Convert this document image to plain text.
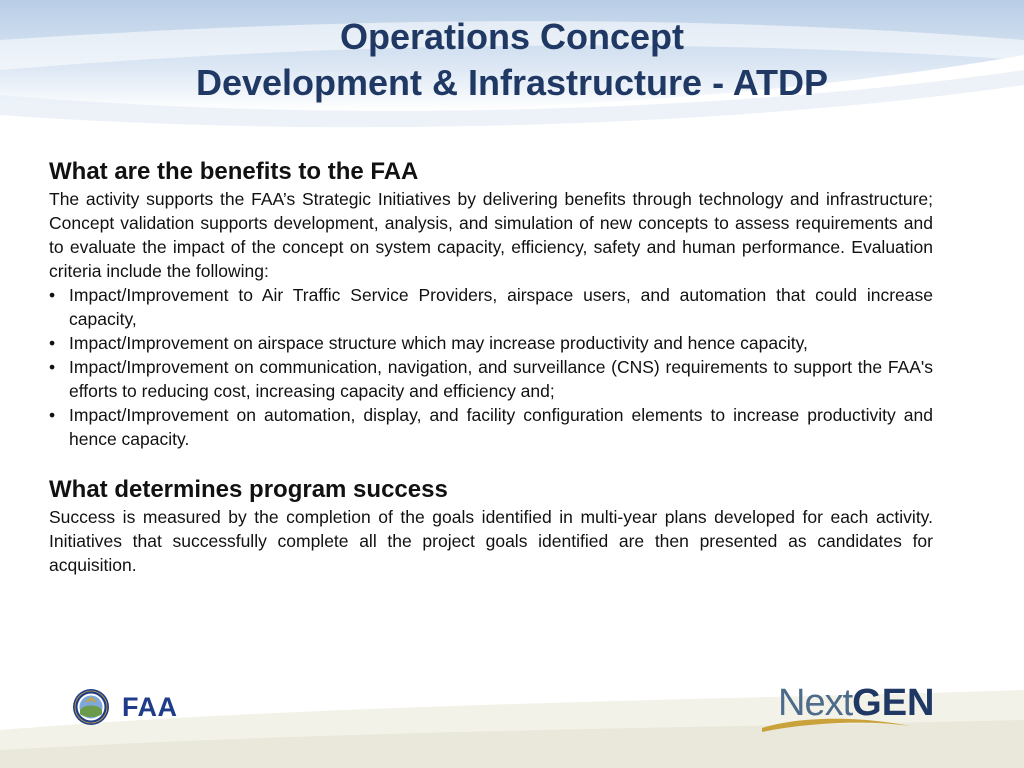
Operations Concept
Development & Infrastructure - ATDP
What are the benefits to the FAA

The activity supports the FAA’s Strategic Initiatives by delivering benefits through technology and infrastructure; Concept validation supports development, analysis, and simulation of new concepts to assess requirements and to evaluate the impact of the concept on system capacity, efficiency, safety and human performance. Evaluation criteria include the following:

• Impact/Improvement to Air Traffic Service Providers, airspace users, and automation that could increase capacity,
• Impact/Improvement on airspace structure which may increase productivity and hence capacity,
• Impact/Improvement on communication, navigation, and surveillance (CNS) requirements to support the FAA's efforts to reducing cost, increasing capacity and efficiency and;
• Impact/Improvement on automation, display, and facility configuration elements to increase productivity and hence capacity.
What determines program success

Success is measured by the completion of the goals identified in multi-year plans developed for each activity. Initiatives that successfully complete all the project goals identified are then presented as candidates for acquisition.

FAA	NextGEN
